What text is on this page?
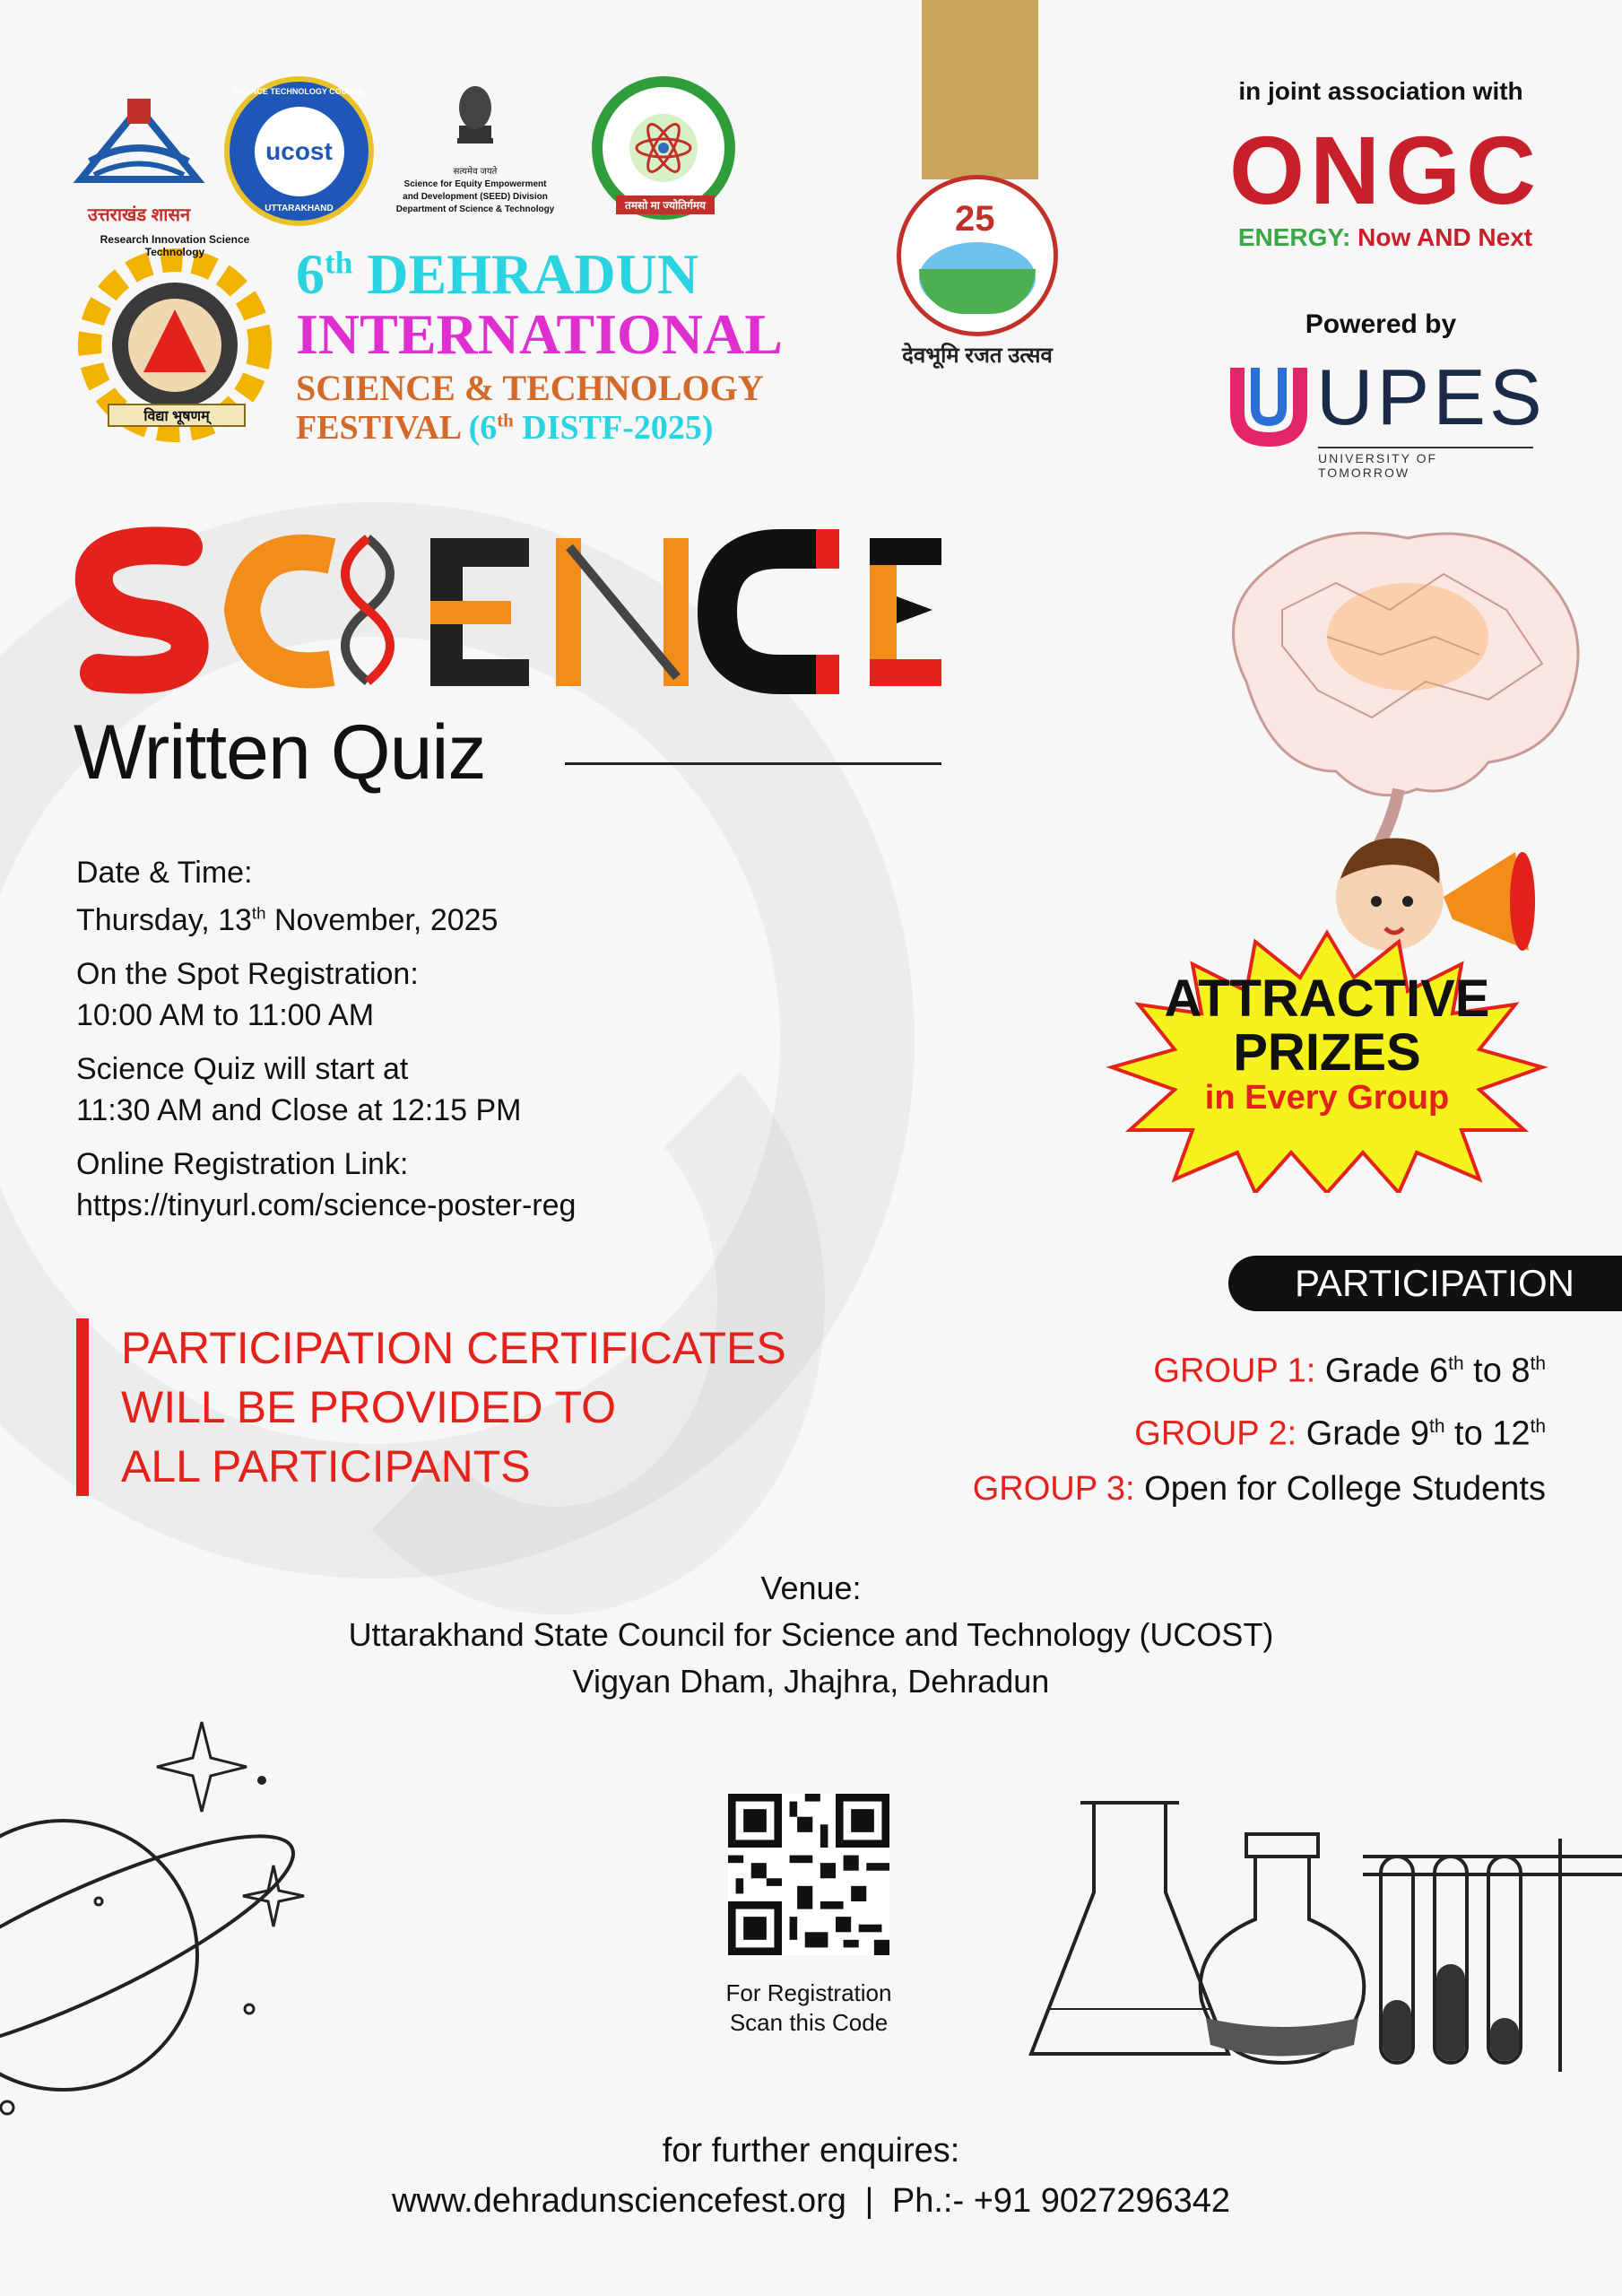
उत्तराखंड शासन
ucost
SCIENCE TECHNOLOGY COUNCIL
UTTARAKHAND
सत्यमेव जयते
Science for Equity Empowerment
and Development (SEED) Division
Department of Science & Technology	तमसो मा ज्योतिर्गमय	25
देवभूमि रजत उत्सव
in joint association with
ONGC
ENERGY: Now AND Next
Powered by
UPES
UNIVERSITY OF TOMORROW
Research Innovation Science Technology
विद्या भूषणम्
6th DEHRADUN
INTERNATIONAL
SCIENCE & TECHNOLOGY
FESTIVAL (6th DISTF-2025)
Written Quiz

Date & Time:
Thursday, 13th November, 2025

On the Spot Registration:
10:00 AM to 11:00 AM

Science Quiz will start at
11:30 AM and Close at 12:15 PM

Online Registration Link:
https://tinyurl.com/science-poster-reg

PARTICIPATION CERTIFICATES
WILL BE PROVIDED TO
ALL PARTICIPANTS
ATTRACTIVE
PRIZES
in Every Group
PARTICIPATION
GROUP 1: Grade 6th to 8th
GROUP 2: Grade 9th to 12th
GROUP 3: Open for College Students
Venue:
Uttarakhand State Council for Science and Technology (UCOST)
Vigyan Dham, Jhajhra, Dehradun
For Registration
Scan this Code
for further enquires:
www.dehradunsciencefest.org | Ph.:- +91 9027296342
